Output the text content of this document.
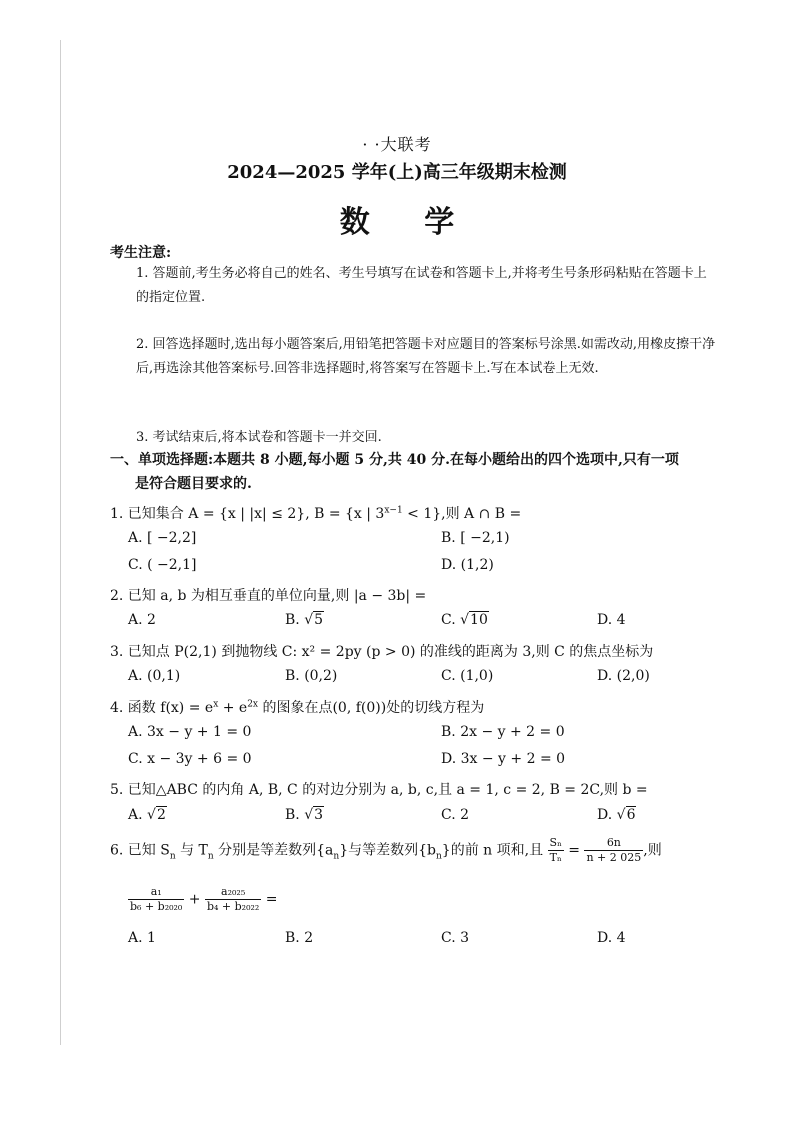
· ·大联考
2024—2025 学年(上)高三年级期末检测
数 学
考生注意:
1. 答题前,考生务必将自己的姓名、考生号填写在试卷和答题卡上,并将考生号条形码粘贴在答题卡上的指定位置.
2. 回答选择题时,选出每小题答案后,用铅笔把答题卡对应题目的答案标号涂黑.如需改动,用橡皮擦干净后,再选涂其他答案标号.回答非选择题时,将答案写在答题卡上.写在本试卷上无效.
3. 考试结束后,将本试卷和答题卡一并交回.
一、单项选择题:本题共 8 小题,每小题 5 分,共 40 分.在每小题给出的四个选项中,只有一项
是符合题目要求的.
1. 已知集合 A = {x | |x| ≤ 2}, B = {x | $3^{x-1} < 1$},则 A ∩ B =
A. [ −2,2]	B. [ −2,1)
C. ( −2,1]	D. (1,2)
2. 已知 a, b 为相互垂直的单位向量,则 |a − 3b| =
A. 2	B. √5	C. √10	D. 4
3. 已知点 P(2,1) 到抛物线 C: x² = 2py (p > 0) 的准线的距离为 3,则 C 的焦点坐标为
A. (0,1)	B. (0,2)	C. (1,0)	D. (2,0)
4. 函数 $f(x) = e^x + e^{2x}$ 的图象在点(0, f(0))处的切线方程为
A. 3x − y + 1 = 0	B. 2x − y + 2 = 0
C. x − 3y + 6 = 0	D. 3x − y + 2 = 0
5. 已知△ABC 的内角 A, B, C 的对边分别为 a, b, c,且 a = 1, c = 2, B = 2C,则 b =
A. √2	B. √3	C. 2	D. √6
6. 已知 $S_n$ 与 $T_n$ 分别是等差数列$\{a_n\}$与等差数列$\{b_n\}$的前 n 项和,且 $\frac{\text{Sₙ}}{\text{Tₙ}} = \frac{6n}{n + 2 025}$ ,则
$\frac{\text{a₁}}{\text{b₆ + b₂₀₂₀}} + \frac{\text{a₂₀₂₅}}{\text{b₄ + b₂₀₂₂}}$ =
A. 1	B. 2	C. 3	D. 4
